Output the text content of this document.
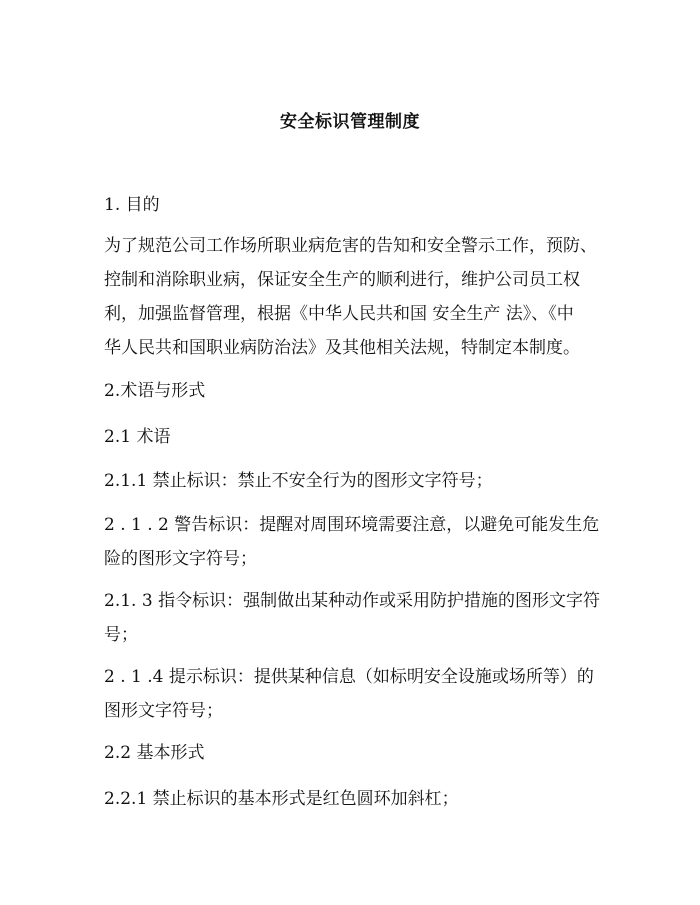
安全标识管理制度
1. 目的
为了规范公司工作场所职业病危害的告知和安全警示工作，预防、
控制和消除职业病，保证安全生产的顺利进行，维护公司员工权
利，加强监督管理，根据《中华人民共和国 安全生产 法》、《中
华人民共和国职业病防治法》及其他相关法规，特制定本制度。
2.术语与形式
2.1 术语
2.1.1 禁止标识：禁止不安全行为的图形文字符号；
2 . 1 . 2 警告标识：提醒对周围环境需要注意，以避免可能发生危
险的图形文字符号；
2.1. 3 指令标识：强制做出某种动作或采用防护措施的图形文字符
号；
2 . 1 .4 提示标识：提供某种信息（如标明安全设施或场所等）的
图形文字符号；
2.2 基本形式
2.2.1 禁止标识的基本形式是红色圆环加斜杠；
